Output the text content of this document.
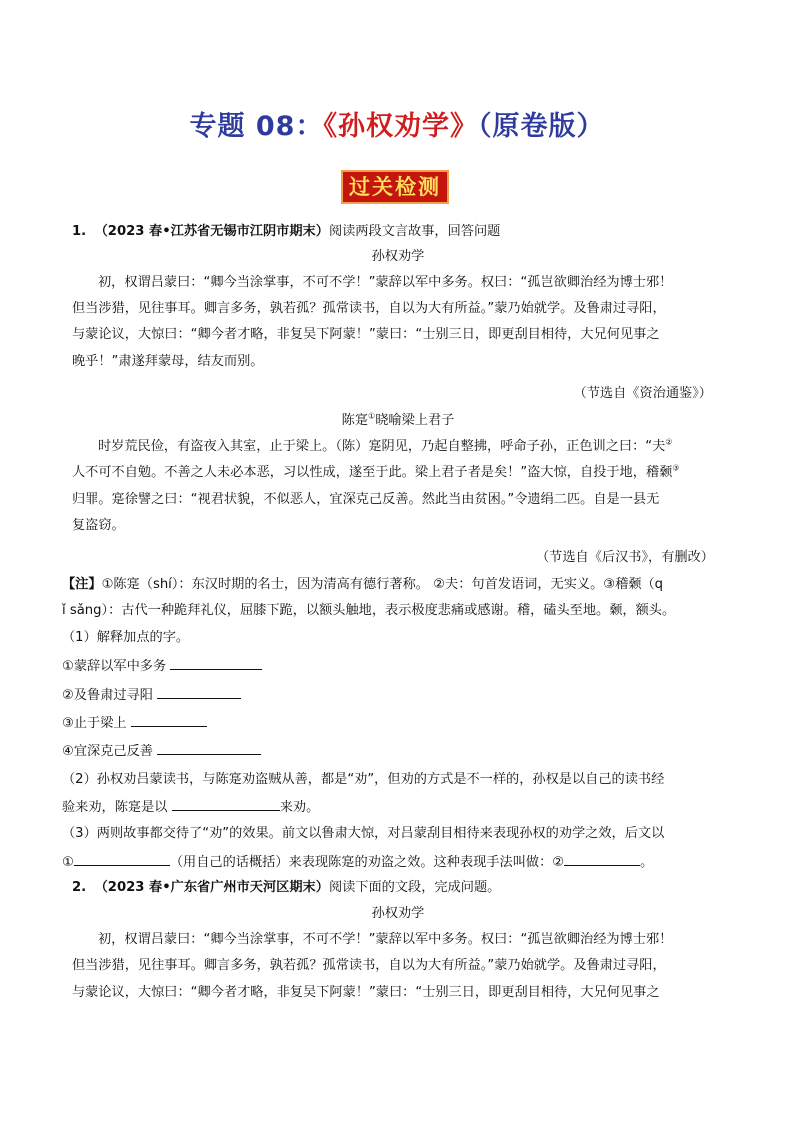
专题 08：《孙权劝学》（原卷版）
过关检测
1. （2023 春•江苏省无锡市江阴市期末）阅读两段文言故事，回答问题
孙权劝学
初，权谓吕蒙曰：“卿今当涂掌事，不可不学！”蒙辞以军中多务。权曰：“孤岂欲卿治经为博士邪！
但当涉猎，见往事耳。卿言多务，孰若孤？孤常读书，自以为大有所益。”蒙乃始就学。及鲁肃过寻阳，
与蒙论议，大惊曰：“卿今者才略，非复吴下阿蒙！”蒙曰：“士别三日，即更刮目相待，大兄何见事之
晚乎！”肃遂拜蒙母，结友而别。
（节选自《资治通鉴》）
陈寔①晓喻梁上君子
时岁荒民俭，有盗夜入其室，止于梁上。（陈）寔阴见，乃起自整拂，呼命子孙，正色训之曰：“夫②
人不可不自勉。不善之人未必本恶，习以性成，遂至于此。梁上君子者是矣！”盗大惊，自投于地，稽颡③
归罪。寔徐譬之曰：“视君状貌，不似恶人，宜深克己反善。然此当由贫困。”令遗绢二匹。自是一县无
复盗窃。
（节选自《后汉书》，有删改）
【注】①陈寔（shí）：东汉时期的名士，因为清高有德行著称。 ②夫：句首发语词，无实义。③稽颡（q
ǐ sǎng）：古代一种跪拜礼仪，屈膝下跪，以额头触地，表示极度悲痛或感谢。稽，磕头至地。颡，额头。
（1）解释加点的字。
①蒙辞以军中多务
②及鲁肃过寻阳
③止于梁上
④宜深克己反善
（2）孙权劝吕蒙读书，与陈寔劝盗贼从善，都是“劝”，但劝的方式是不一样的，孙权是以自己的读书经
验来劝，陈寔是以	来劝。
（3）两则故事都交待了“劝”的效果。前文以鲁肃大惊，对吕蒙刮目相待来表现孙权的劝学之效，后文以
①	（用自己的话概括）来表现陈寔的劝盗之效。这种表现手法叫做：②	。
2. （2023 春•广东省广州市天河区期末）阅读下面的文段，完成问题。
孙权劝学
初，权谓吕蒙曰：“卿今当涂掌事，不可不学！”蒙辞以军中多务。权曰：“孤岂欲卿治经为博士邪！
但当涉猎，见往事耳。卿言多务，孰若孤？孤常读书，自以为大有所益。”蒙乃始就学。及鲁肃过寻阳，
与蒙论议，大惊曰：“卿今者才略，非复吴下阿蒙！”蒙曰：“士别三日，即更刮目相待，大兄何见事之
